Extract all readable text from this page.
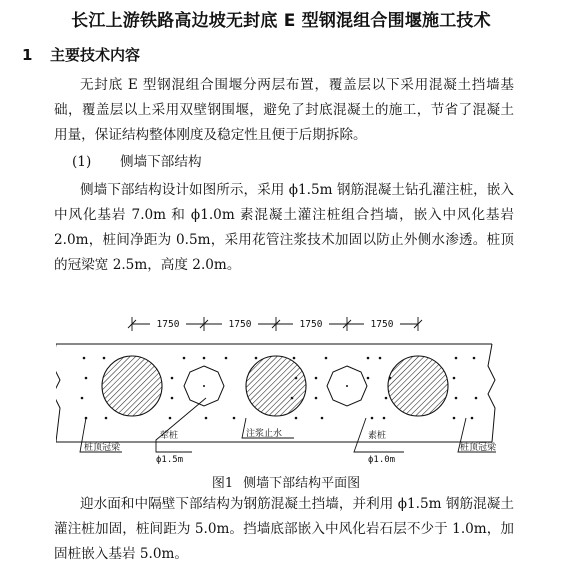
长江上游铁路高边坡无封底 E 型钢混组合围堰施工技术
1 主要技术内容

无封底 E 型钢混组合围堰分两层布置，覆盖层以下采用混凝土挡墙基础，覆盖层以上采用双壁钢围堰，避免了封底混凝土的施工，节省了混凝土用量，保证结构整体刚度及稳定性且便于后期拆除。

(1) 侧墙下部结构

侧墙下部结构设计如图所示，采用 ϕ1.5m 钢筋混凝土钻孔灌注桩，嵌入中风化基岩 7.0m 和 ϕ1.0m 素混凝土灌注桩组合挡墙，嵌入中风化基岩 2.0m，桩间净距为 0.5m，采用花管注浆技术加固以防止外侧水渗透。桩顶的冠梁宽 2.5m，高度 2.0m。

1750	1750	1750	1750
桩顶冠梁
荤桩
ϕ1.5m
注浆止水	素桩
ϕ1.0m
桩顶冠梁
图1 侧墙下部结构平面图

迎水面和中隔壁下部结构为钢筋混凝土挡墙，并利用 ϕ1.5m 钢筋混凝土灌注桩加固，桩间距为 5.0m。挡墙底部嵌入中风化岩石层不少于 1.0m，加固桩嵌入基岩 5.0m。
